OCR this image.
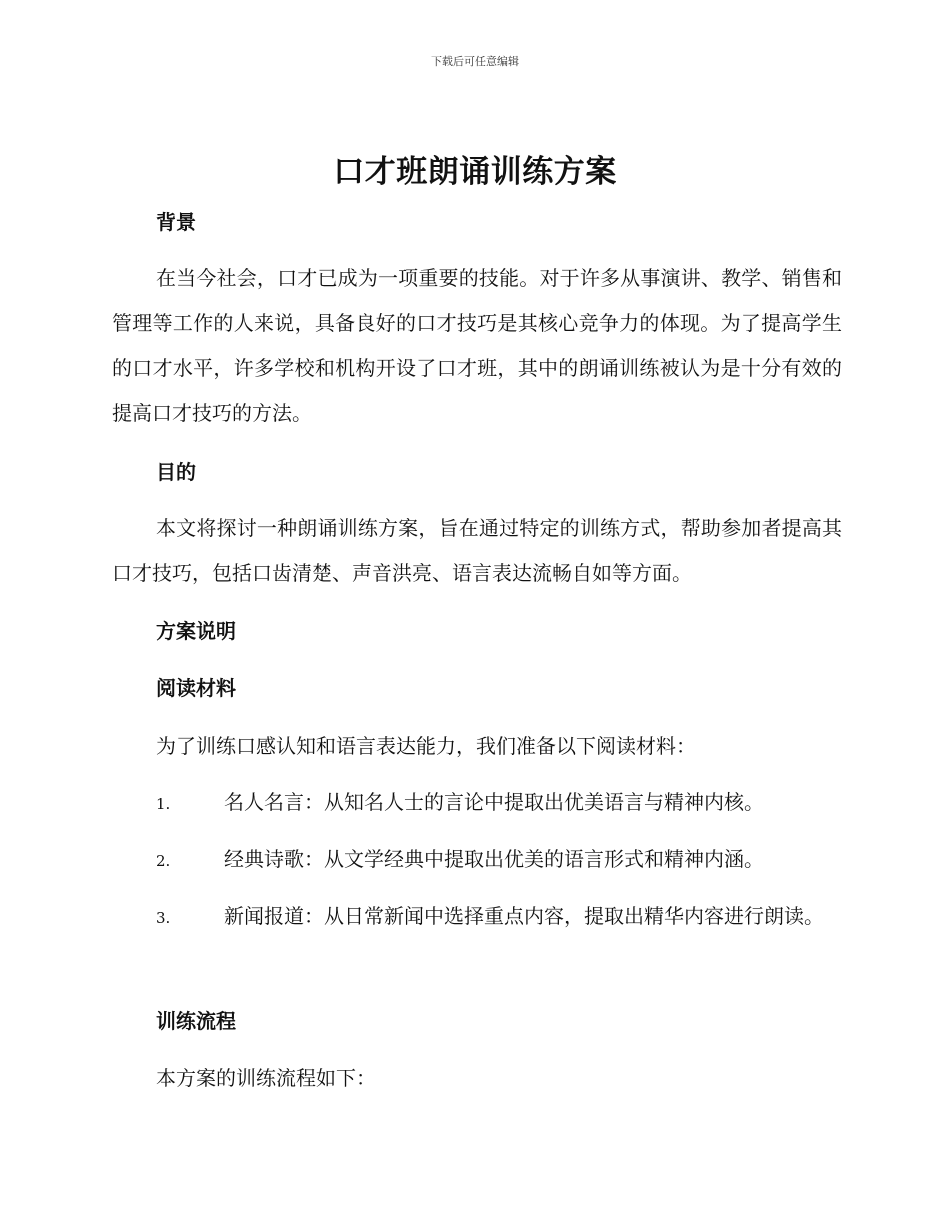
下载后可任意编辑
口才班朗诵训练方案
背景

在当今社会，口才已成为一项重要的技能。对于许多从事演讲、教学、销售和管理等工作的人来说，具备良好的口才技巧是其核心竞争力的体现。为了提高学生的口才水平，许多学校和机构开设了口才班，其中的朗诵训练被认为是十分有效的提高口才技巧的方法。

目的

本文将探讨一种朗诵训练方案，旨在通过特定的训练方式，帮助参加者提高其口才技巧，包括口齿清楚、声音洪亮、语言表达流畅自如等方面。

方案说明
阅读材料

为了训练口感认知和语言表达能力，我们准备以下阅读材料：

1.	名人名言：从知名人士的言论中提取出优美语言与精神内核。

2.	经典诗歌：从文学经典中提取出优美的语言形式和精神内涵。

3.	新闻报道：从日常新闻中选择重点内容，提取出精华内容进行朗读。

训练流程

本方案的训练流程如下：
